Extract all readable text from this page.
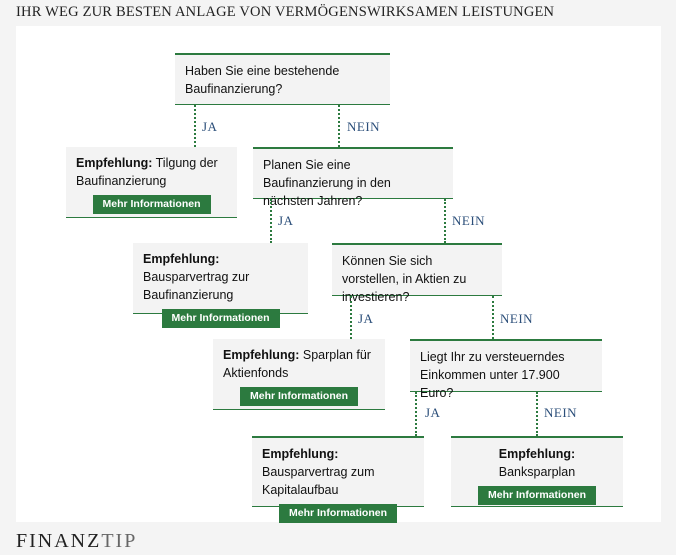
IHR WEG ZUR BESTEN ANLAGE VON VERMÖGENSWIRKSAMEN LEISTUNGEN
Haben Sie eine bestehende Baufinanzierung?
JA	NEIN
Empfehlung: Tilgung der Baufinanzierung
Mehr Informationen
Planen Sie eine Baufinanzierung in den nächsten Jahren?
JA	NEIN
Empfehlung: Bausparvertrag zur Baufinanzierung
Mehr Informationen
Können Sie sich vorstellen, in Aktien zu investieren?
JA	NEIN
Empfehlung: Sparplan für Aktienfonds
Mehr Informationen
Liegt Ihr zu versteuerndes Einkommen unter 17.900 Euro?
JA	NEIN
Empfehlung: Bausparvertrag zum Kapitalaufbau
Mehr Informationen
Empfehlung:
Banksparplan
Mehr Informationen
FINANZTIP
